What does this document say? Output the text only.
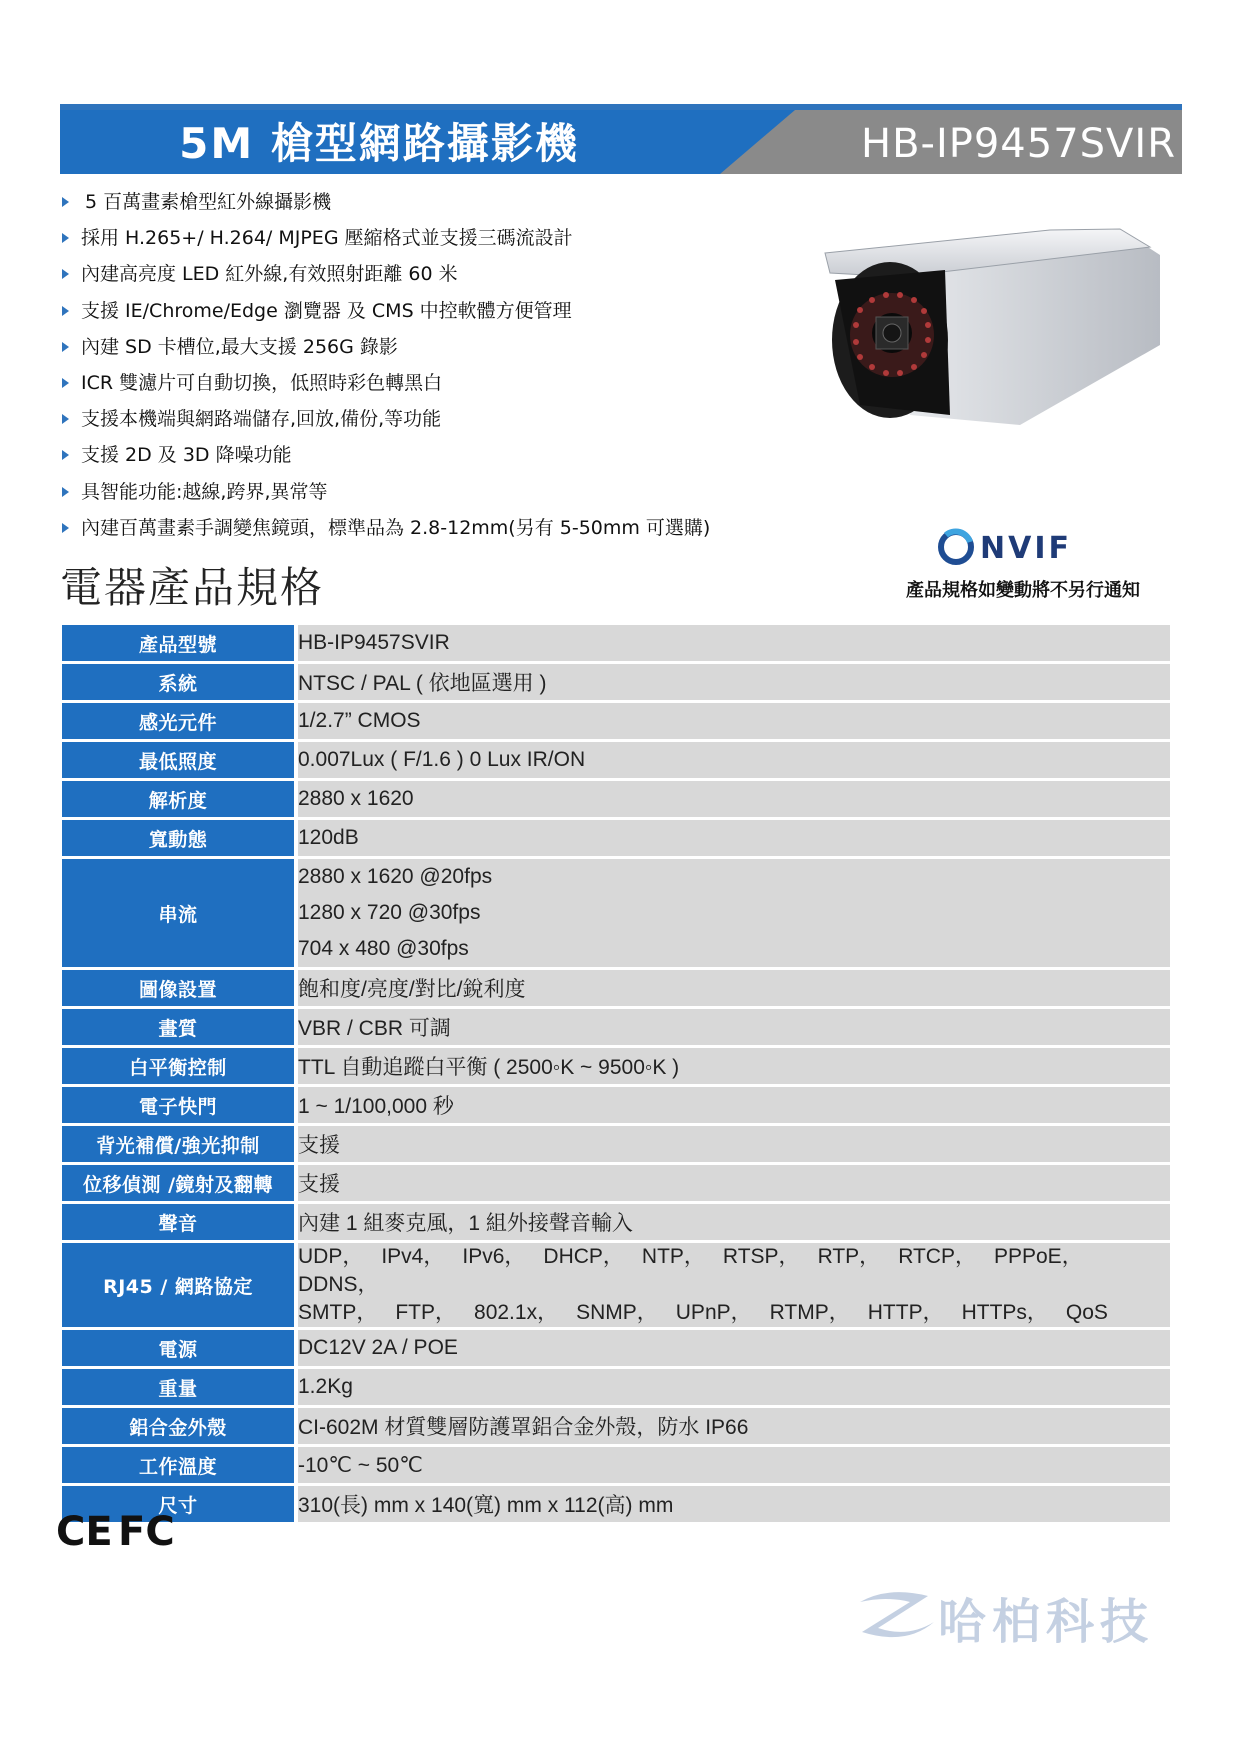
5M 槍型網路攝影機	HB-IP9457SVIR
5 百萬畫素槍型紅外線攝影機
採用 H.265+/ H.264/ MJPEG 壓縮格式並支援三碼流設計
內建高亮度 LED 紅外線,有效照射距離 60 米
支援 IE/Chrome/Edge 瀏覽器 及 CMS 中控軟體方便管理
內建 SD 卡槽位,最大支援 256G 錄影
ICR 雙濾片可自動切換，低照時彩色轉黑白
支援本機端與網路端儲存,回放,備份,等功能
支援 2D 及 3D 降噪功能
具智能功能:越線,跨界,異常等
內建百萬畫素手調變焦鏡頭，標準品為 2.8-12mm(另有 5-50mm 可選購)
NVIF
產品規格如變動將不另行通知
電器產品規格
產品型號	HB-IP9457SVIR
系統	NTSC / PAL ( 依地區選用 )
感光元件	1/2.7” CMOS
最低照度	0.007Lux ( F/1.6 ) 0 Lux IR/ON
解析度	2880 x 1620
寬動態	120dB
串流	2880 x 1620 @20fps
1280 x 720 @30fps
704 x 480 @30fps

圖像設置	飽和度/亮度/對比/銳利度
畫質	VBR / CBR 可調
白平衡控制	TTL 自動追蹤白平衡 ( 2500◦K ~ 9500◦K )
電子快門	1 ~ 1/100,000 秒
背光補償/強光抑制	支援
位移偵測 /鏡射及翻轉	支援
聲音	內建 1 組麥克風，1 組外接聲音輸入
RJ45 / 網路協定	UDP， IPv4， IPv6， DHCP， NTP， RTSP， RTP， RTCP， PPPoE，DDNS，
SMTP， FTP， 802.1x， SNMP， UPnP， RTMP， HTTP， HTTPs， QoS

電源	DC12V 2A / POE
重量	1.2Kg
鋁合金外殼	CI-602M 材質雙層防護罩鋁合金外殼，防水 IP66
工作溫度	-10℃ ~ 50℃
尺寸	310(長) mm x 140(寬) mm x 112(高) mm
CE FC
哈柏科技
